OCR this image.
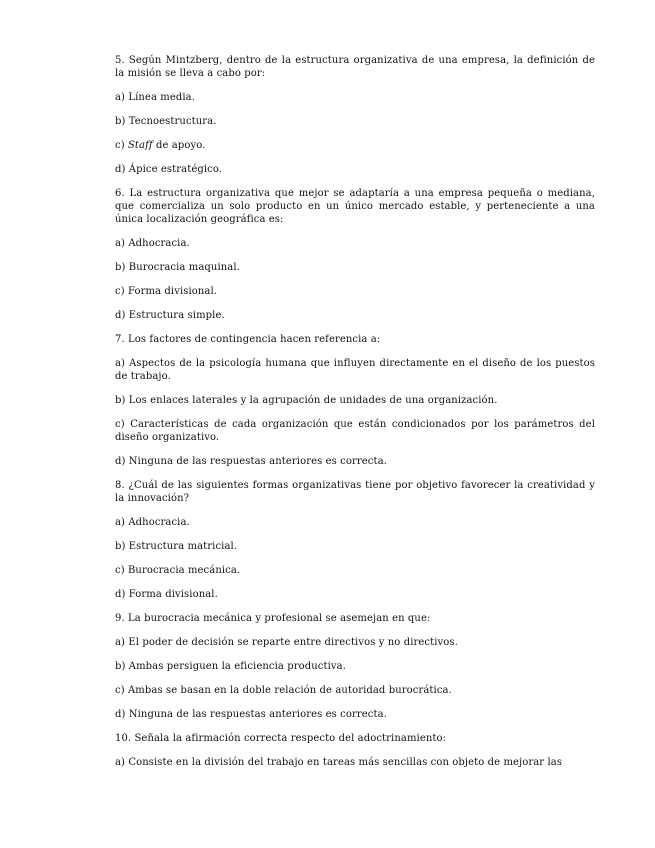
5. Según Mintzberg, dentro de la estructura organizativa de una empresa, la definición de la misión se lleva a cabo por:

a) Línea media.

b) Tecnoestructura.

c) Staff de apoyo.

d) Ápice estratégico.

6. La estructura organizativa que mejor se adaptaría a una empresa pequeña o mediana, que comercializa un solo producto en un único mercado estable, y perteneciente a una única localización geográfica es:

a) Adhocracia.

b) Burocracia maquinal.

c) Forma divisional.

d) Estructura simple.

7. Los factores de contingencia hacen referencia a:

a) Aspectos de la psicología humana que influyen directamente en el diseño de los puestos de trabajo.

b) Los enlaces laterales y la agrupación de unidades de una organización.

c) Características de cada organización que están condicionados por los parámetros del diseño organizativo.

d) Ninguna de las respuestas anteriores es correcta.

8. ¿Cuál de las siguientes formas organizativas tiene por objetivo favorecer la creatividad y la innovación?

a) Adhocracia.

b) Estructura matricial.

c) Burocracia mecánica.

d) Forma divisional.

9. La burocracia mecánica y profesional se asemejan en que:

a) El poder de decisión se reparte entre directivos y no directivos.

b) Ambas persiguen la eficiencia productiva.

c) Ambas se basan en la doble relación de autoridad burocrática.

d) Ninguna de las respuestas anteriores es correcta.

10. Señala la afirmación correcta respecto del adoctrinamiento:

a) Consiste en la división del trabajo en tareas más sencillas con objeto de mejorar las
